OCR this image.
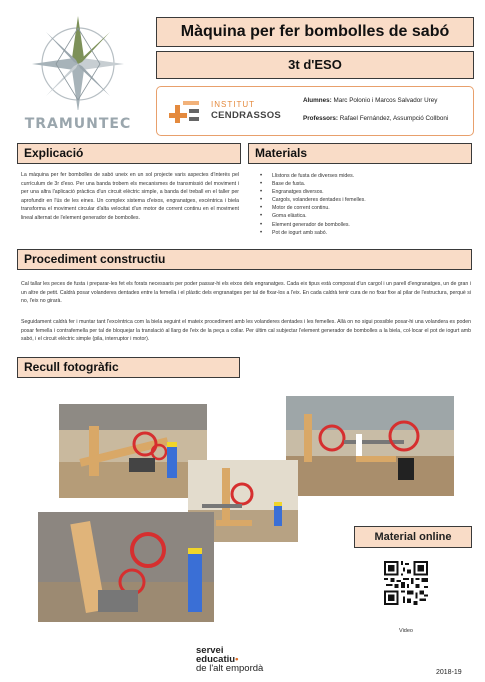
TRAMUNTEC
Màquina per fer bombolles de sabó
3t d'ESO
INSTITUT
CENDRASSOS
Alumnes: Marc Polonio i Marcos Salvador Urey
Professors: Rafael Fernández, Assumpció Collboni
Explicació
La màquina per fer bombolles de sabó uneix en un sol projecte varis aspectes d'interès pel currículum de 3r d'eso. Per una banda trobem els mecanismes de transmissió del moviment i per una altra l'aplicació pràctica d'un circuit elèctric simple, a banda del treball en el taller per aprofundir en l'ús de les eines. Un complex sistema d'eixos, engranatges, excèntrica i biela transforma el moviment circular d'alta velocitat d'un motor de corrent continu en el moviment lineal alternat de l'element generador de bombolles.
Materials
• Llistons de fusta de diverses mides.
• Base de fusta.
• Engranatges diversos.
• Cargols, volanderes dentades i femelles.
• Motor de corrent continu.
• Goma elàstica.
• Element generador de bombolles.
• Pot de iogurt amb sabó.
Procediment constructiu
Cal tallar les peces de fusta i preparar-les fet els forats necessaris per poder passar-hi els eixos dels engranatges. Cada eix tipus està composat d'un cargol i un parell d'engranatges, un de gran i un altre de petit. Caldrà posar volanderes dentades entre la femella i el plàstic dels engranatges per tal de fixar-los a l'eix. En cada caldrà tenir cura de no fixar fixe al pilar de l'estructura, perquè si no, l'eix no girarà.
Seguidament caldrà fer i muntar tant l'excèntrica com la biela seguint el mateix procediment amb les volanderes dentades i les femelles. Allà on no sigui possible posar-hi una volandera es poden posar femella i contrafemella per tal de bloquejar la translació al llarg de l'eix de la peça a collar. Per últim cal subjectar l'element generador de bombolles a la biela, col·locar el pot de iogurt amb sabó, i el circuit elèctric simple (pila, interruptor i motor).
Recull fotogràfic
Material online
Video
servei
educatiu•
de l'alt empordà	2018-19
